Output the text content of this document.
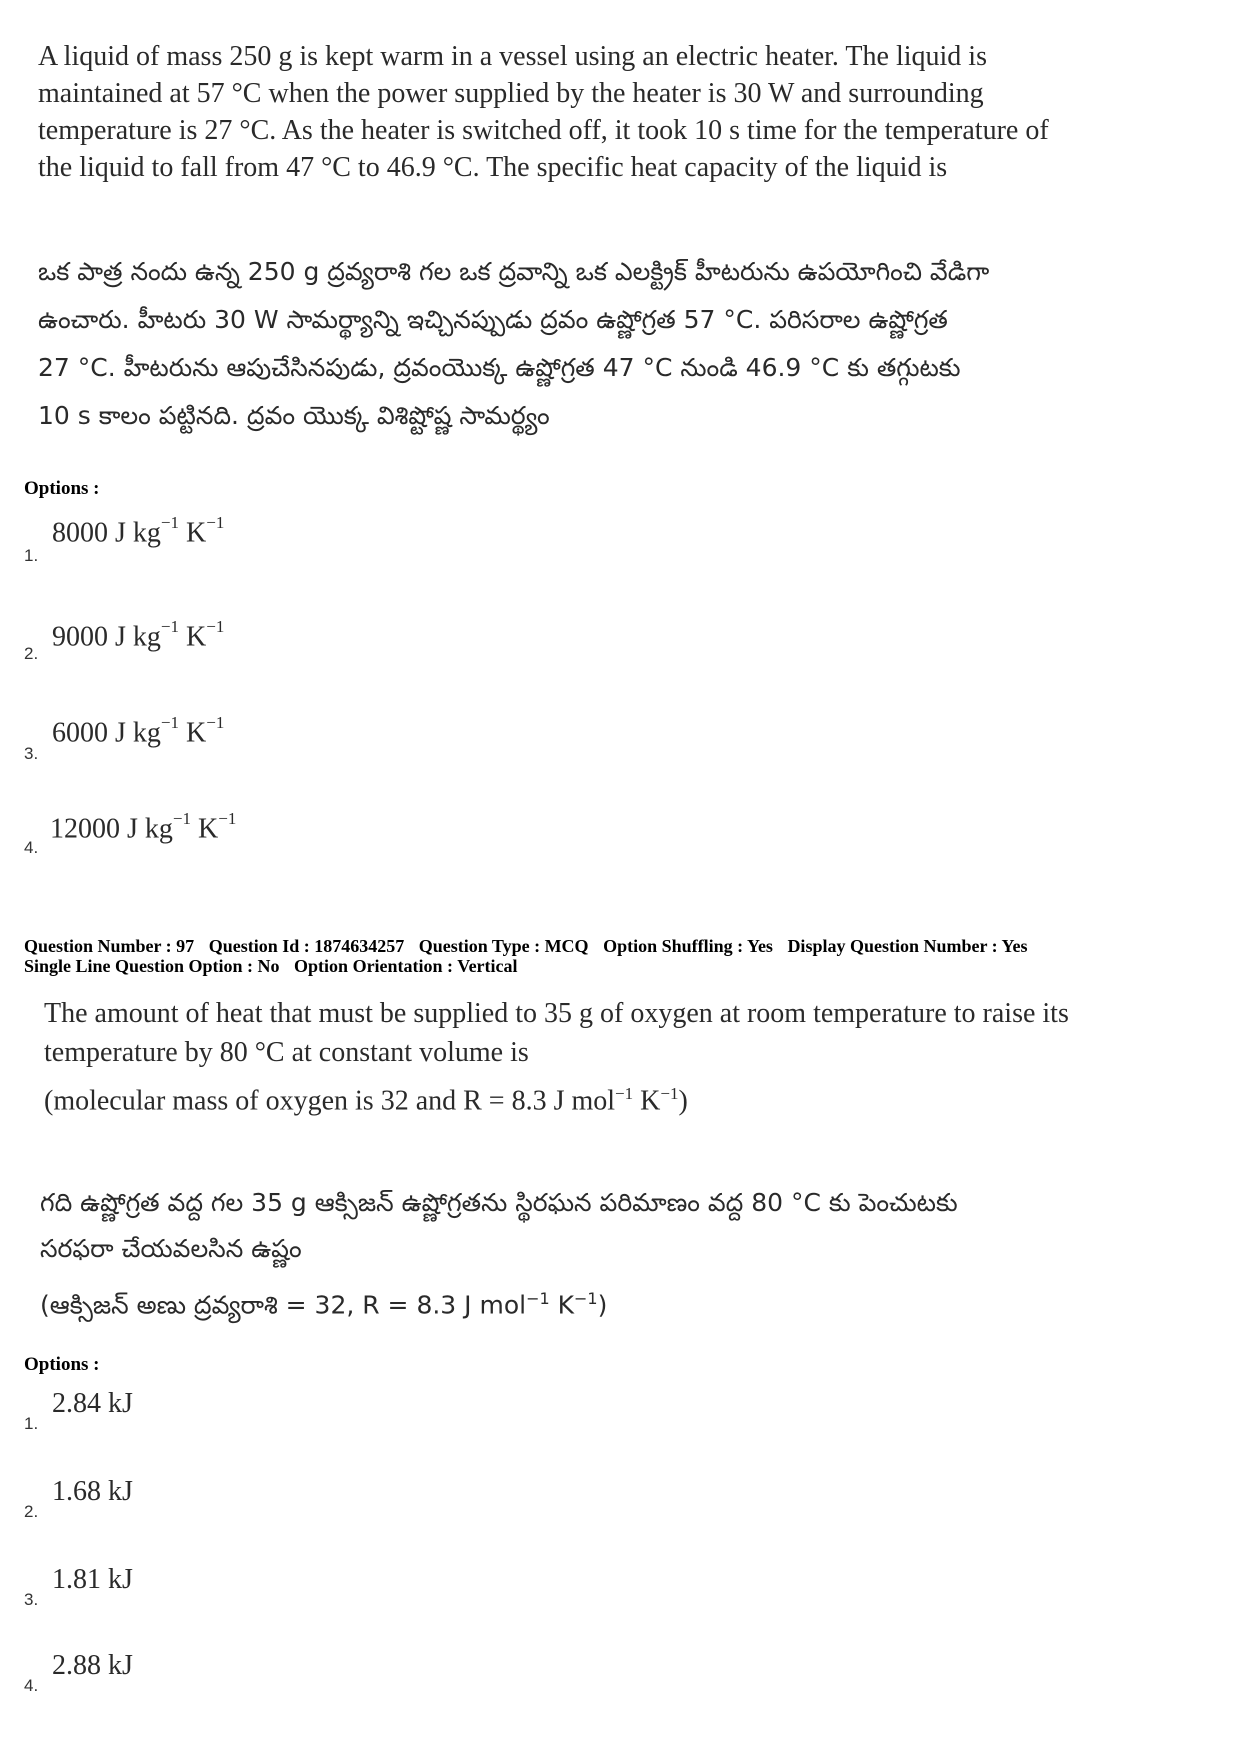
A liquid of mass 250 g is kept warm in a vessel using an electric heater. The liquid is
maintained at 57 °C when the power supplied by the heater is 30 W and surrounding
temperature is 27 °C. As the heater is switched off, it took 10 s time for the temperature of
the liquid to fall from 47 °C to 46.9 °C. The specific heat capacity of the liquid is
ఒక పాత్ర నందు ఉన్న 250 g ద్రవ్యరాశి గల ఒక ద్రవాన్ని ఒక ఎలక్ట్రిక్ హీటరును ఉపయోగించి వేడిగా
ఉంచారు. హీటరు 30 W సామర్థ్యాన్ని ఇచ్చినప్పుడు ద్రవం ఉష్ణోగ్రత 57 °C. పరిసరాల ఉష్ణోగ్రత
27 °C. హీటరును ఆపుచేసినపుడు, ద్రవంయొక్క ఉష్ణోగ్రత 47 °C నుండి 46.9 °C కు తగ్గుటకు
10 s కాలం పట్టినది. ద్రవం యొక్క విశిష్టోష్ణ సామర్థ్యం
Options :
8000 J $kg^{-1}$ $K^{-1}$
1.
9000 J $kg^{-1}$ $K^{-1}$
2.
6000 J $kg^{-1}$ $K^{-1}$
3.
12000 J $kg^{-1}$ $K^{-1}$
4.
Question Number : 97 Question Id : 1874634257 Question Type : MCQ Option Shuffling : Yes Display Question Number : Yes
Single Line Question Option : No Option Orientation : Vertical
The amount of heat that must be supplied to 35 g of oxygen at room temperature to raise its
temperature by 80 °C at constant volume is
(molecular mass of oxygen is 32 and R = 8.3 J mol$^{-1}$ $K^{-1}$)
గది ఉష్ణోగ్రత వద్ద గల 35 g ఆక్సిజన్ ఉష్ణోగ్రతను స్థిరఘన పరిమాణం వద్ద 80 °C కు పెంచుటకు
సరఫరా చేయవలసిన ఉష్ణం
(ఆక్సిజన్ అణు ద్రవ్యరాశి = 32, R = 8.3 J mol$^{-1}$ $K^{-1}$)
Options :
2.84 kJ
1.
1.68 kJ
2.
1.81 kJ
3.
2.88 kJ
4.
